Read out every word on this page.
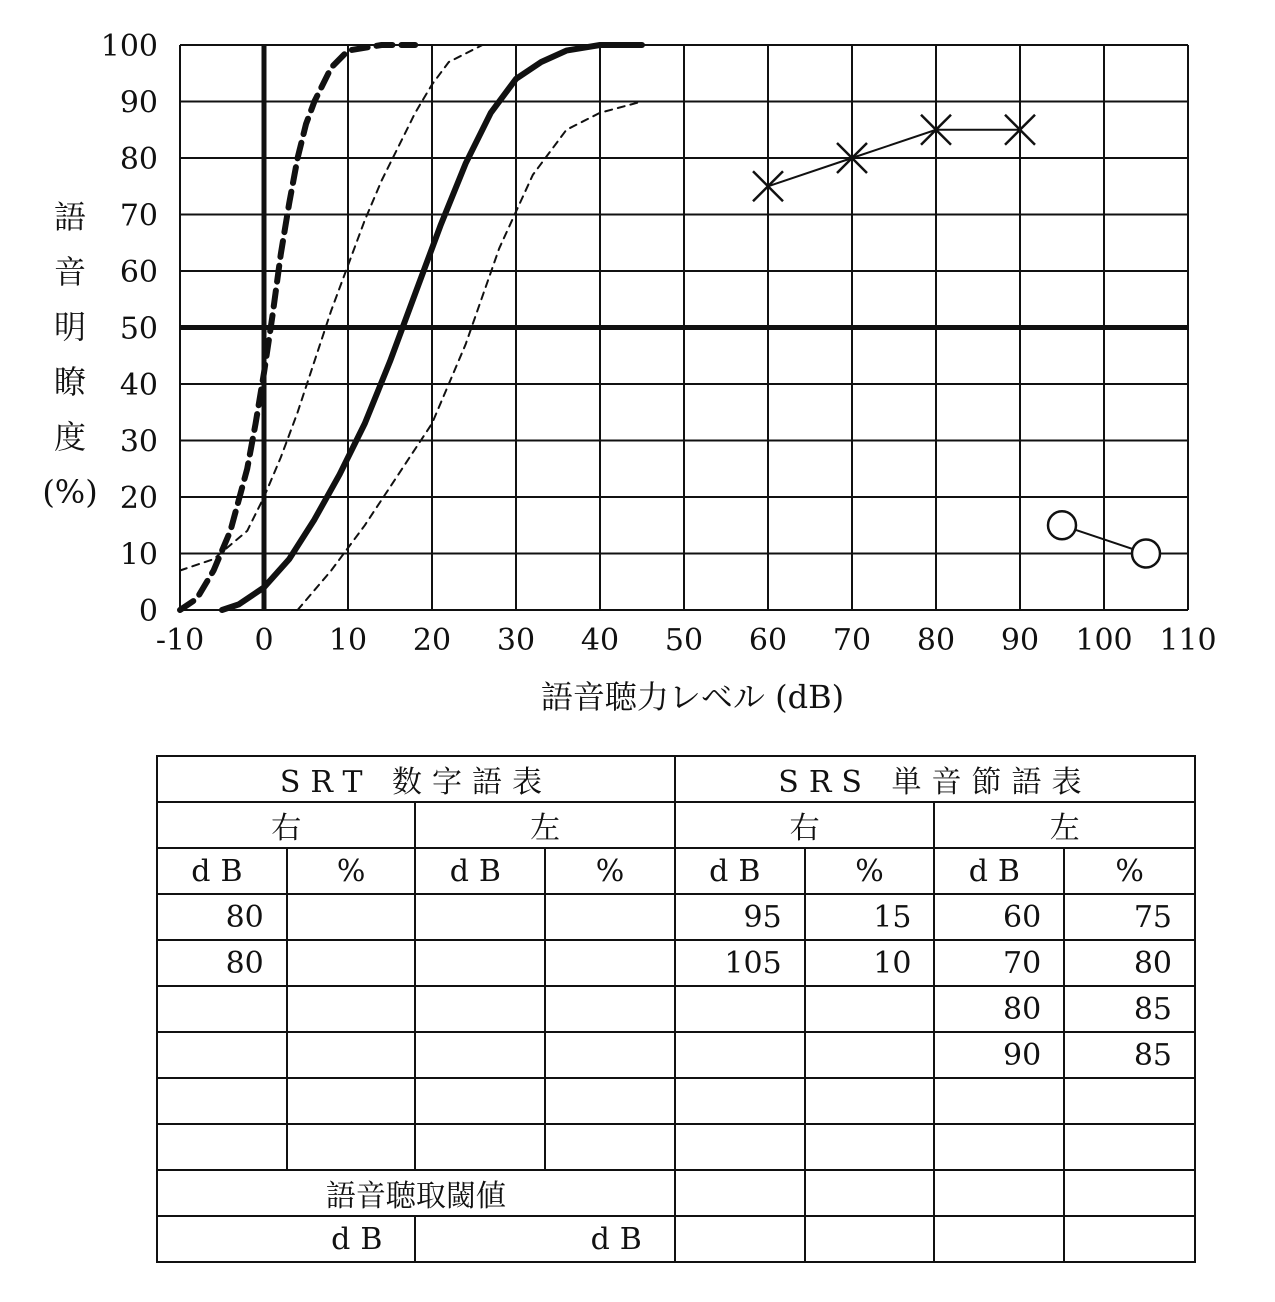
0
10
20
30
40
50
60
70
80
90
100
-10 0 10 20 30 40 50 60 70 80 90 100 110
語
音
明
瞭
度
(%)
語音聴力レベル (dB)
SRT 数字語表				SRS 単音節語表			
右		左		右		左	
dB	%	dB	%	dB	%	dB	%
80				95	15	60	75
80				105	10	70	80
						80	85
						90	85

語音聴取閾値							
dB		dB					
